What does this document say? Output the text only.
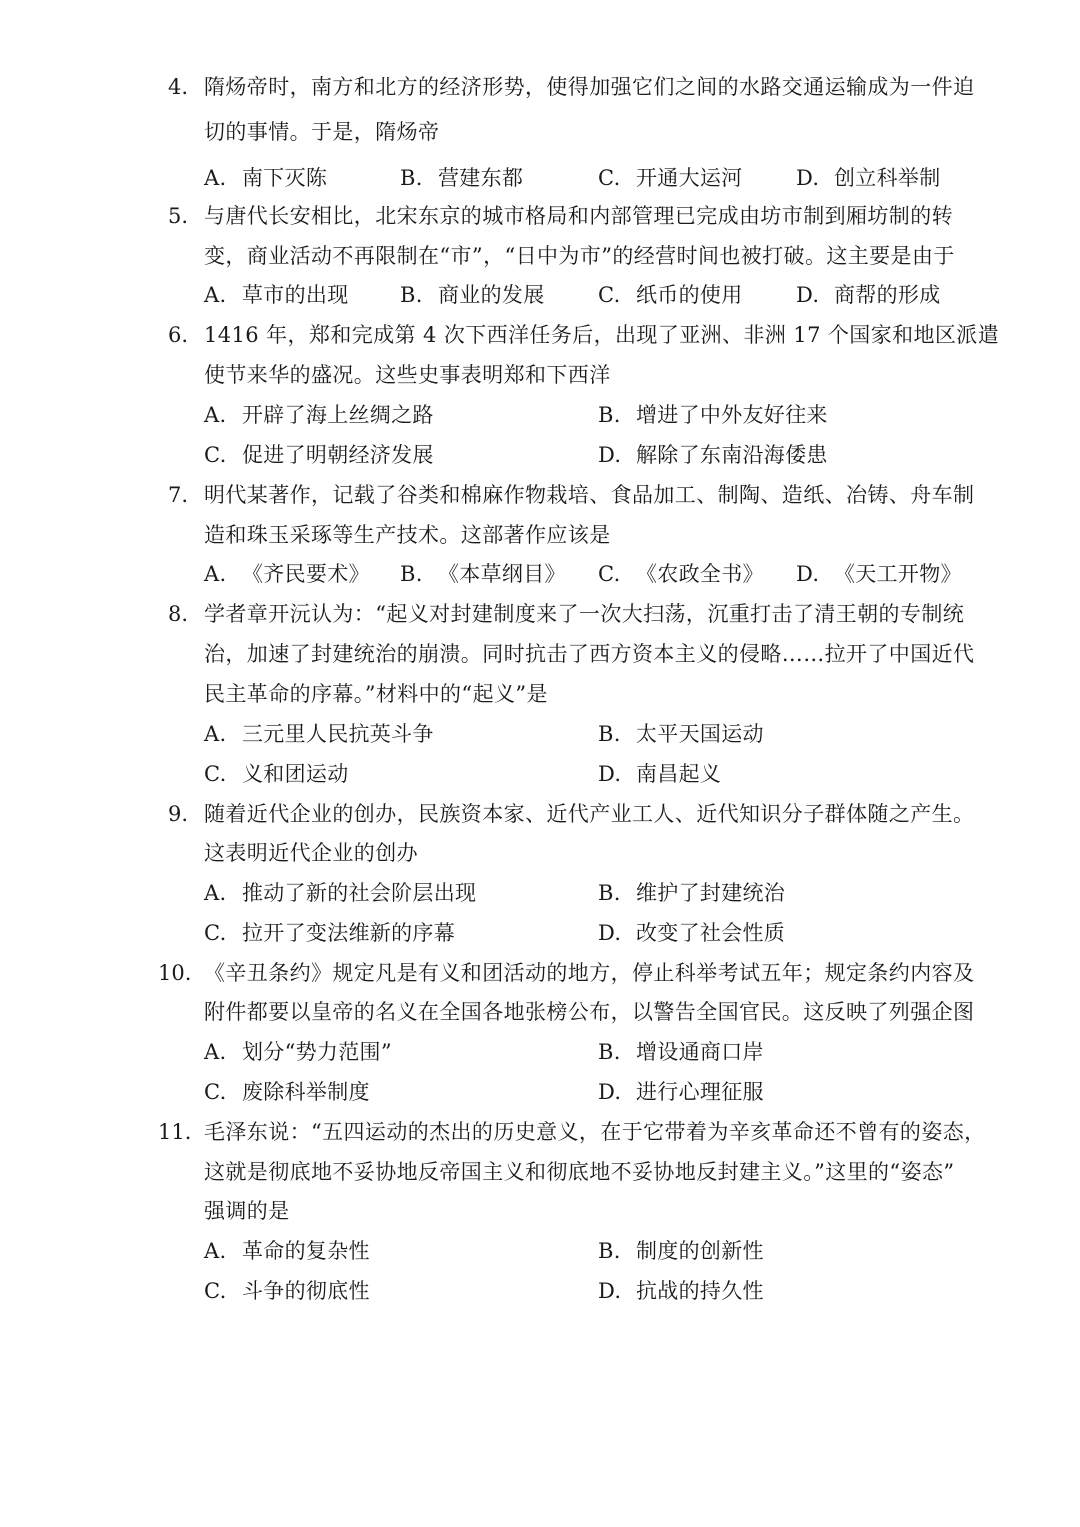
4. 隋炀帝时，南方和北方的经济形势，使得加强它们之间的水路交通运输成为一件迫
切的事情。于是，隋炀帝
A. 南下灭陈	B. 营建东都	C. 开通大运河	D. 创立科举制
5. 与唐代长安相比，北宋东京的城市格局和内部管理已完成由坊市制到厢坊制的转
变，商业活动不再限制在“市”，“日中为市”的经营时间也被打破。这主要是由于
A. 草市的出现 B. 商业的发展	C. 纸币的使用	D. 商帮的形成
6. 1416 年，郑和完成第 4 次下西洋任务后，出现了亚洲、非洲 17 个国家和地区派遣
使节来华的盛况。这些史事表明郑和下西洋
A. 开辟了海上丝绸之路	B. 增进了中外友好往来
C. 促进了明朝经济发展	D. 解除了东南沿海倭患
7. 明代某著作，记载了谷类和棉麻作物栽培、食品加工、制陶、造纸、冶铸、舟车制
造和珠玉采琢等生产技术。这部著作应该是
A. 《齐民要术》 B. 《本草纲目》 C. 《农政全书》 D. 《天工开物》
8. 学者章开沅认为：“起义对封建制度来了一次大扫荡，沉重打击了清王朝的专制统
治，加速了封建统治的崩溃。同时抗击了西方资本主义的侵略……拉开了中国近代
民主革命的序幕。”材料中的“起义”是
A. 三元里人民抗英斗争	B. 太平天国运动
C. 义和团运动	D. 南昌起义
9. 随着近代企业的创办，民族资本家、近代产业工人、近代知识分子群体随之产生。
这表明近代企业的创办
A. 推动了新的社会阶层出现	B. 维护了封建统治
C. 拉开了变法维新的序幕	D. 改变了社会性质
10. 《辛丑条约》规定凡是有义和团活动的地方，停止科举考试五年；规定条约内容及
附件都要以皇帝的名义在全国各地张榜公布，以警告全国官民。这反映了列强企图
A. 划分“势力范围”	B. 增设通商口岸
C. 废除科举制度	D. 进行心理征服
11. 毛泽东说：“五四运动的杰出的历史意义，在于它带着为辛亥革命还不曾有的姿态，
这就是彻底地不妥协地反帝国主义和彻底地不妥协地反封建主义。”这里的“姿态”
强调的是
A. 革命的复杂性	B. 制度的创新性
C. 斗争的彻底性	D. 抗战的持久性
